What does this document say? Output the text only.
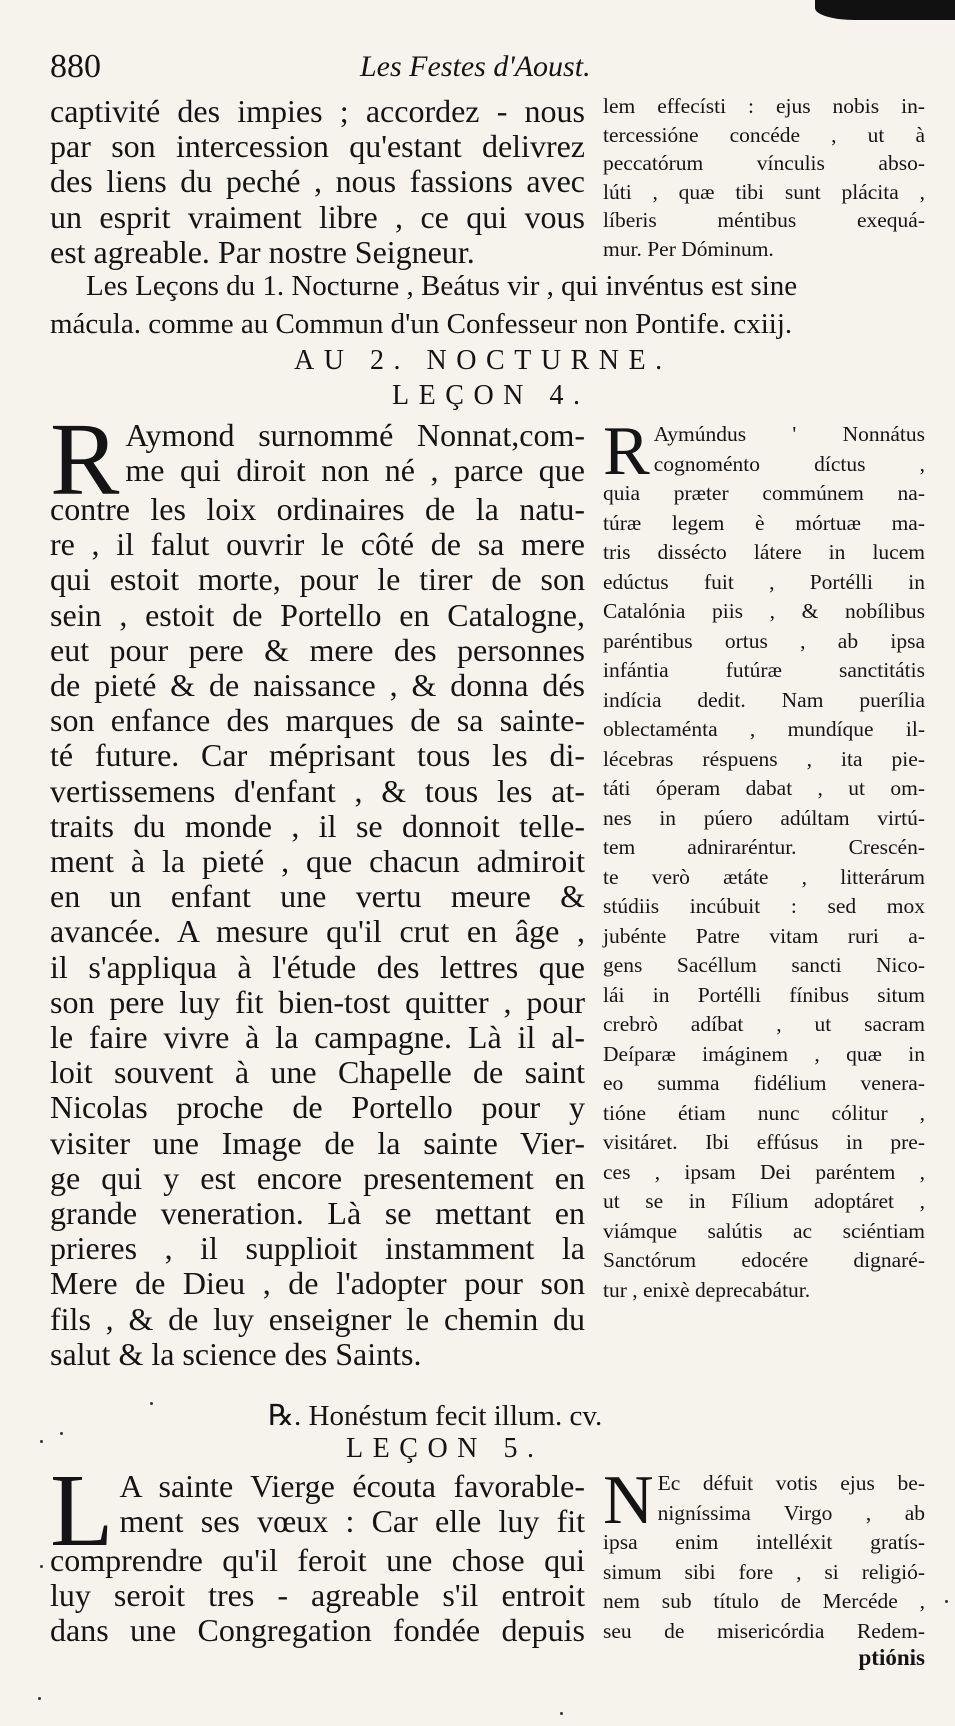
880	Les Festes d'Aoust.
captivité des impies ; accordez - nous
par son intercession qu'estant delivrez
des liens du peché , nous fassions avec
un esprit vraiment libre , ce qui vous
est agreable. Par nostre Seigneur.
lem effecísti : ejus nobis in-
tercessióne concéde , ut à
peccatórum vínculis abso-
lúti , quæ tibi sunt plácita ,
líberis méntibus exequá-
mur. Per Dóminum.
Les Leçons du 1. Nocturne , Beátus vir , qui invéntus est sine
mácula. comme au Commun d'un Confesseur non Pontife. cxiij.
AU 2. NOCTURNE.
LEÇON 4.
R Aymond surnommé Nonnat,com-
me qui diroit non né , parce que
contre les loix ordinaires de la natu-
re , il falut ouvrir le côté de sa mere
qui estoit morte, pour le tirer de son
sein , estoit de Portello en Catalogne,
eut pour pere & mere des personnes
de pieté & de naissance , & donna dés
son enfance des marques de sa sainte-
té future. Car méprisant tous les di-
vertissemens d'enfant , & tous les at-
traits du monde , il se donnoit telle-
ment à la pieté , que chacun admiroit
en un enfant une vertu meure &
avancée. A mesure qu'il crut en âge ,
il s'appliqua à l'étude des lettres que
son pere luy fit bien-tost quitter , pour
le faire vivre à la campagne. Là il al-
loit souvent à une Chapelle de saint
Nicolas proche de Portello pour y
visiter une Image de la sainte Vier-
ge qui y est encore presentement en
grande veneration. Là se mettant en
prieres , il supplioit instamment la
Mere de Dieu , de l'adopter pour son
fils , & de luy enseigner le chemin du
salut & la science des Saints.
R Aymúndus ' Nonnátus
cognoménto díctus ,
quia præter commúnem na-
túræ legem è mórtuæ ma-
tris dissécto látere in lucem
edúctus fuit , Portélli in
Catalónia piis , & nobílibus
paréntibus ortus , ab ipsa
infántia futúræ sanctitátis
indícia dedit. Nam puerília
oblectaménta , mundíque il-
lécebras réspuens , ita pie-
táti óperam dabat , ut om-
nes in púero adúltam virtú-
tem adniraréntur. Crescén-
te verò ætáte , litterárum
stúdiis incúbuit : sed mox
jubénte Patre vitam ruri a-
gens Sacéllum sancti Nico-
lái in Portélli fínibus situm
crebrò adíbat , ut sacram
Deíparæ imáginem , quæ in
eo summa fidélium venera-
tióne étiam nunc cólitur ,
visitáret. Ibi effúsus in pre-
ces , ipsam Dei paréntem ,
ut se in Fílium adoptáret ,
viámque salútis ac sciéntiam
Sanctórum edocére dignaré-
tur , enixè deprecabátur.
℞. Honéstum fecit illum. cv.
LEÇON 5.
L A sainte Vierge écouta favorable-
ment ses vœux : Car elle luy fit
comprendre qu'il feroit une chose qui
luy seroit tres - agreable s'il entroit
dans une Congregation fondée depuis
N Ec défuit votis ejus be-
nigníssima Virgo , ab
ipsa enim intelléxit gratís-
simum sibi fore , si religió-
nem sub título de Mercéde ,
seu de misericórdia Redem-
ptiónis
